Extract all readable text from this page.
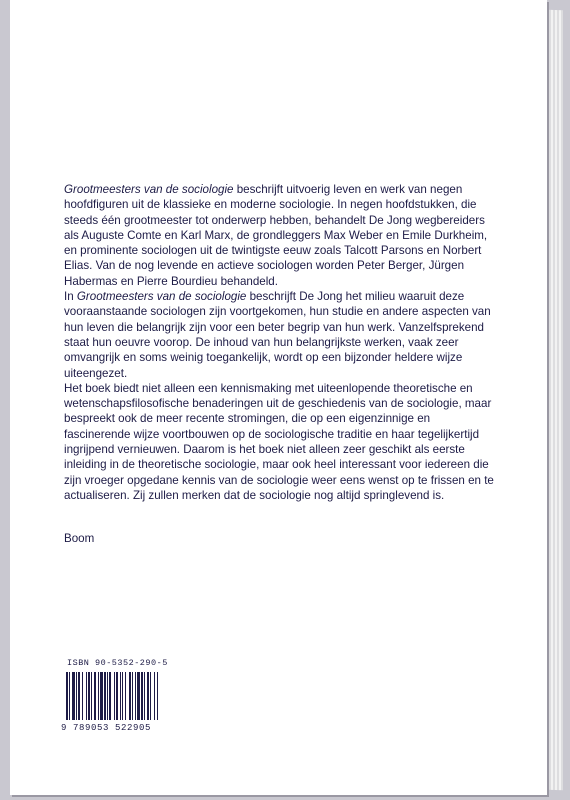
Grootmeesters van de sociologie beschrijft uitvoerig leven en werk van negen hoofdfiguren uit de klassieke en moderne sociologie. In negen hoofdstukken, die steeds één grootmeester tot onderwerp hebben, behandelt De Jong wegbereiders als Auguste Comte en Karl Marx, de grondleggers Max Weber en Emile Durkheim, en prominente sociologen uit de twintigste eeuw zoals Talcott Parsons en Norbert Elias. Van de nog levende en actieve sociologen worden Peter Berger, Jürgen Habermas en Pierre Bourdieu behandeld.

In Grootmeesters van de sociologie beschrijft De Jong het milieu waaruit deze vooraanstaande sociologen zijn voortgekomen, hun studie en andere aspecten van hun leven die belangrijk zijn voor een beter begrip van hun werk. Vanzelfsprekend staat hun oeuvre voorop. De inhoud van hun belangrijkste werken, vaak zeer omvangrijk en soms weinig toegankelijk, wordt op een bijzonder heldere wijze uiteengezet.

Het boek biedt niet alleen een kennismaking met uiteenlopende theoretische en wetenschapsfilosofische benaderingen uit de geschiedenis van de sociologie, maar bespreekt ook de meer recente stromingen, die op een eigenzinnige en fascinerende wijze voortbouwen op de sociologische traditie en haar tegelijkertijd ingrijpend vernieuwen. Daarom is het boek niet alleen zeer geschikt als eerste inleiding in de theoretische sociologie, maar ook heel interessant voor iedereen die zijn vroeger opgedane kennis van de sociologie weer eens wenst op te frissen en te actualiseren. Zij zullen merken dat de sociologie nog altijd springlevend is.

Boom
ISBN 90-5352-290-5
9 789053 522905
